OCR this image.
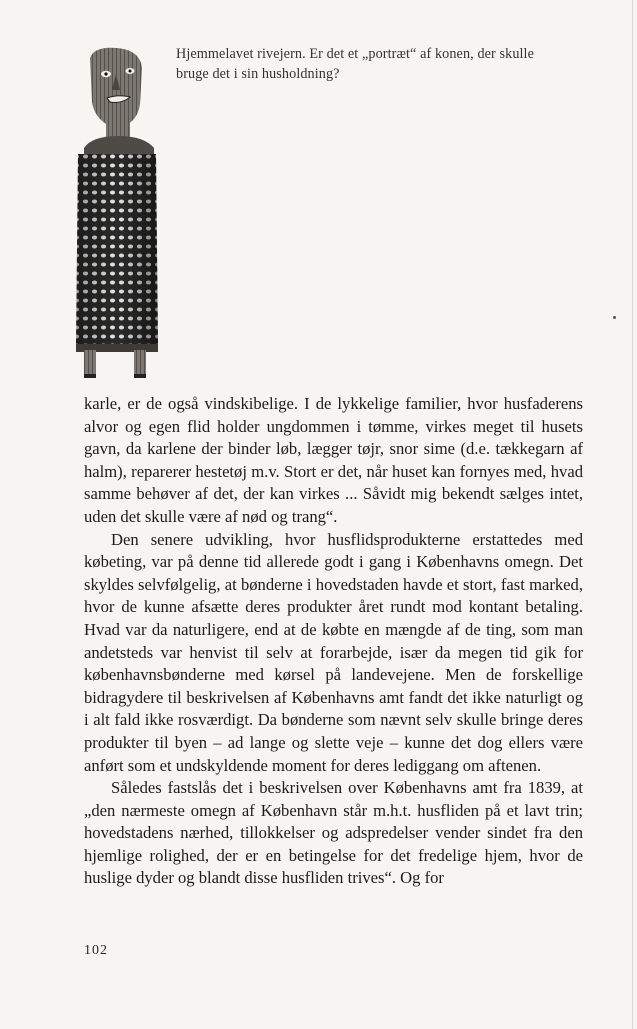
Hjemmelavet rivejern. Er det et „portræt“ af konen, der skulle
bruge det i sin husholdning?

karle, er de også vindskibelige. I de lykkelige familier, hvor husfaderens alvor og egen flid holder ungdommen i tømme, virkes meget til husets gavn, da karlene der binder løb, lægger tøjr, snor sime (d.e. tækkegarn af halm), reparerer hestetøj m.v. Stort er det, når huset kan fornyes med, hvad samme behøver af det, der kan virkes ... Såvidt mig bekendt sælges intet, uden det skulle være af nød og trang“.

Den senere udvikling, hvor husflidsprodukterne erstattedes med købeting, var på denne tid allerede godt i gang i Københavns omegn. Det skyldes selvfølgelig, at bønderne i hovedstaden havde et stort, fast marked, hvor de kunne afsætte deres produkter året rundt mod kontant betaling. Hvad var da naturligere, end at de købte en mængde af de ting, som man andetsteds var henvist til selv at forarbejde, især da megen tid gik for københavnsbønderne med kørsel på landevejene. Men de forskellige bidragydere til beskrivelsen af Københavns amt fandt det ikke naturligt og i alt fald ikke rosværdigt. Da bønderne som nævnt selv skulle bringe deres produkter til byen – ad lange og slette veje – kunne det dog ellers være anført som et undskyldende moment for deres lediggang om aftenen.

Således fastslås det i beskrivelsen over Københavns amt fra 1839, at „den nærmeste omegn af København står m.h.t. husfliden på et lavt trin; hovedstadens nærhed, tillokkelser og adspredelser vender sindet fra den hjemlige rolighed, der er en betingelse for det fredelige hjem, hvor de huslige dyder og blandt disse husfliden trives“. Og for

102
